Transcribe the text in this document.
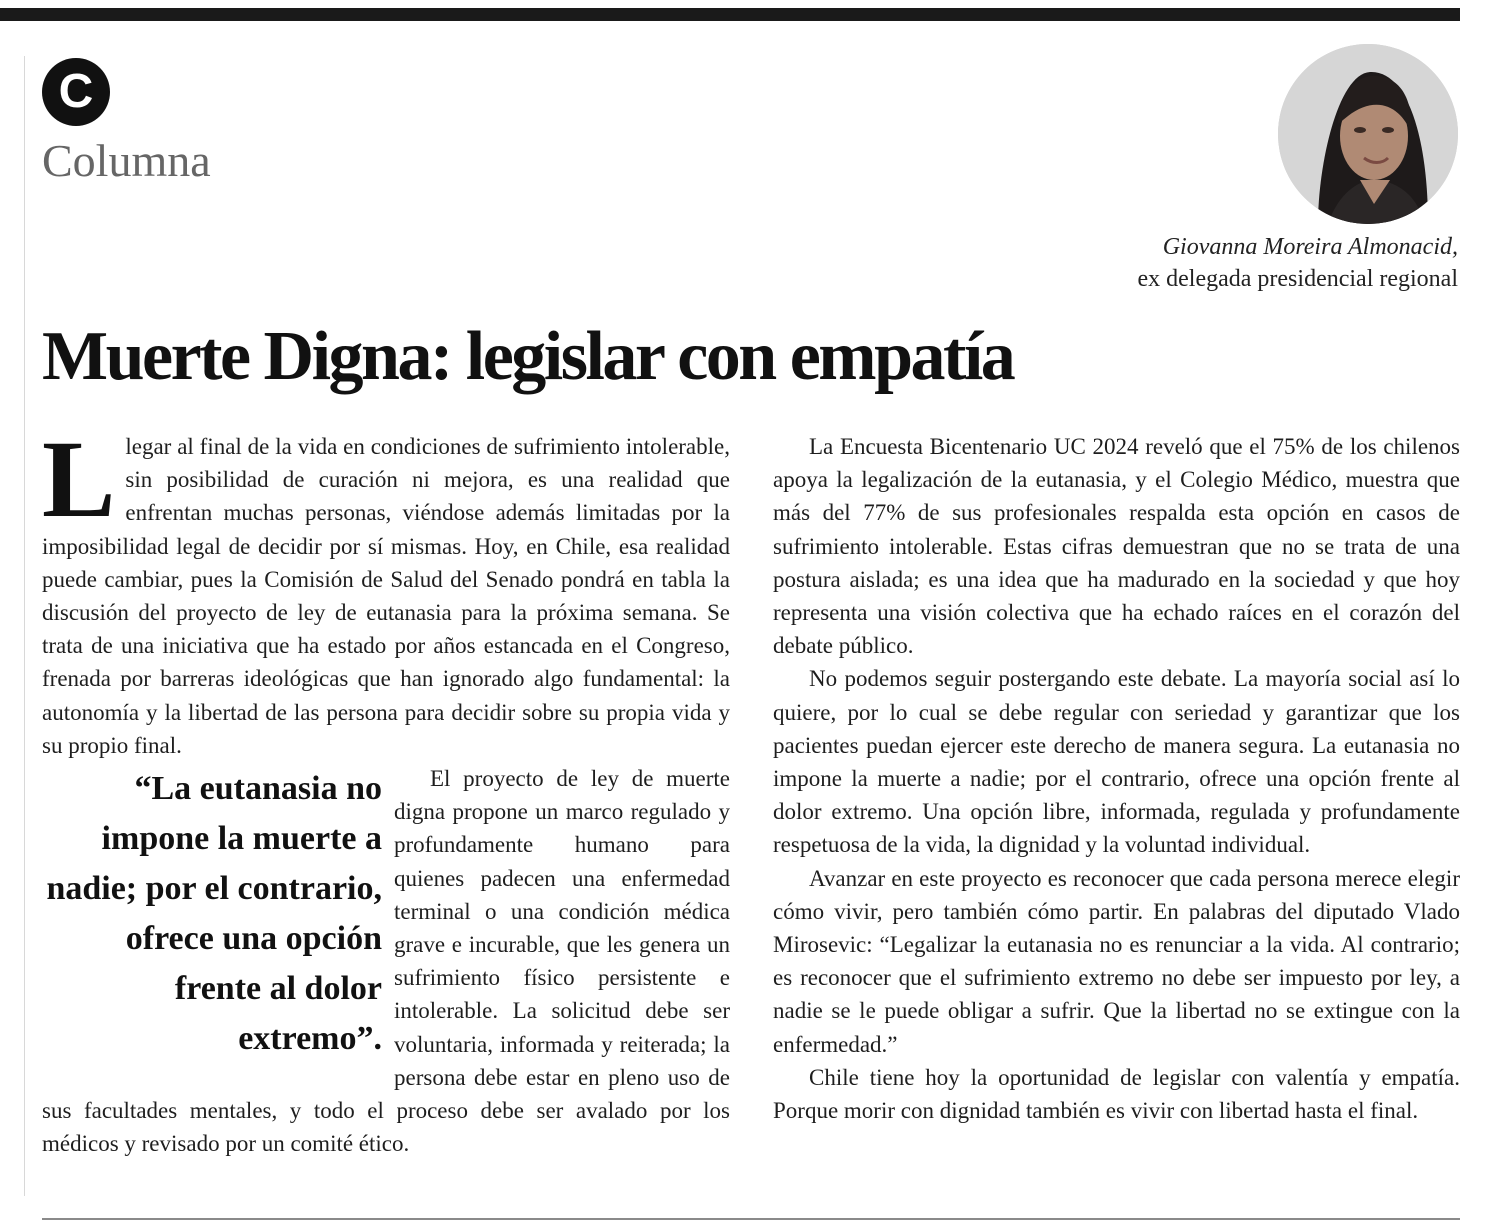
C
Columna
Giovanna Moreira Almonacid,
ex delegada presidencial regional
Muerte Digna: legislar con empatía

Llegar al final de la vida en condiciones de sufrimiento intolerable, sin posibilidad de curación ni mejora, es una realidad que enfrentan muchas personas, viéndose además limitadas por la imposibilidad legal de decidir por sí mismas. Hoy, en Chile, esa realidad puede cambiar, pues la Comisión de Salud del Senado pondrá en tabla la discusión del proyecto de ley de eutanasia para la próxima semana. Se trata de una iniciativa que ha estado por años estancada en el Congreso, frenada por barreras ideológicas que han ignorado algo fundamental: la autonomía y la libertad de las persona para decidir sobre su propia vida y su propio final.

“La eutanasia no impone la muerte a nadie; por el contrario, ofrece una opción frente al dolor extremo”.

El proyecto de ley de muerte digna propone un marco regulado y profundamente humano para quienes padecen una enfermedad terminal o una condición médica grave e incurable, que les genera un sufrimiento físico persistente e intolerable. La solicitud debe ser voluntaria, informada y reiterada; la persona debe estar en pleno uso de sus facultades mentales, y todo el proceso debe ser avalado por los médicos y revisado por un comité ético.

La Encuesta Bicentenario UC 2024 reveló que el 75% de los chilenos apoya la legalización de la eutanasia, y el Colegio Médico, muestra que más del 77% de sus profesionales respalda esta opción en casos de sufrimiento intolerable. Estas cifras demuestran que no se trata de una postura aislada; es una idea que ha madurado en la sociedad y que hoy representa una visión colectiva que ha echado raíces en el corazón del debate público.

No podemos seguir postergando este debate. La mayoría social así lo quiere, por lo cual se debe regular con seriedad y garantizar que los pacientes puedan ejercer este derecho de manera segura. La eutanasia no impone la muerte a nadie; por el contrario, ofrece una opción frente al dolor extremo. Una opción libre, informada, regulada y profundamente respetuosa de la vida, la dignidad y la voluntad individual.

Avanzar en este proyecto es reconocer que cada persona merece elegir cómo vivir, pero también cómo partir. En palabras del diputado Vlado Mirosevic: “Legalizar la eutanasia no es renunciar a la vida. Al contrario; es reconocer que el sufrimiento extremo no debe ser impuesto por ley, a nadie se le puede obligar a sufrir. Que la libertad no se extingue con la enfermedad.”

Chile tiene hoy la oportunidad de legislar con valentía y empatía. Porque morir con dignidad también es vivir con libertad hasta el final.
